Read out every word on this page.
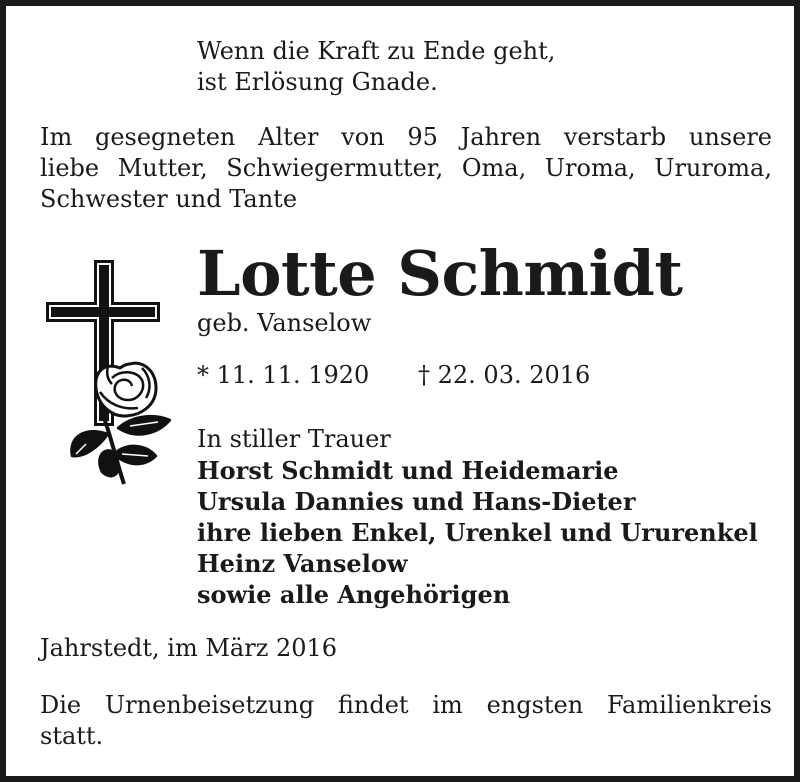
Wenn die Kraft zu Ende geht,
ist Erlösung Gnade.
Im gesegneten Alter von 95 Jahren verstarb unsere
liebe Mutter, Schwiegermutter, Oma, Uroma, Ururoma,
Schwester und Tante
Lotte Schmidt

geb. Vanselow

* 11. 11. 1920 † 22. 03. 2016

In stiller Trauer

Horst Schmidt und Heidemarie
Ursula Dannies und Hans-Dieter
ihre lieben Enkel, Urenkel und Ururenkel
Heinz Vanselow
sowie alle Angehörigen

Jahrstedt, im März 2016

Die Urnenbeisetzung findet im engsten Familienkreis
statt.
